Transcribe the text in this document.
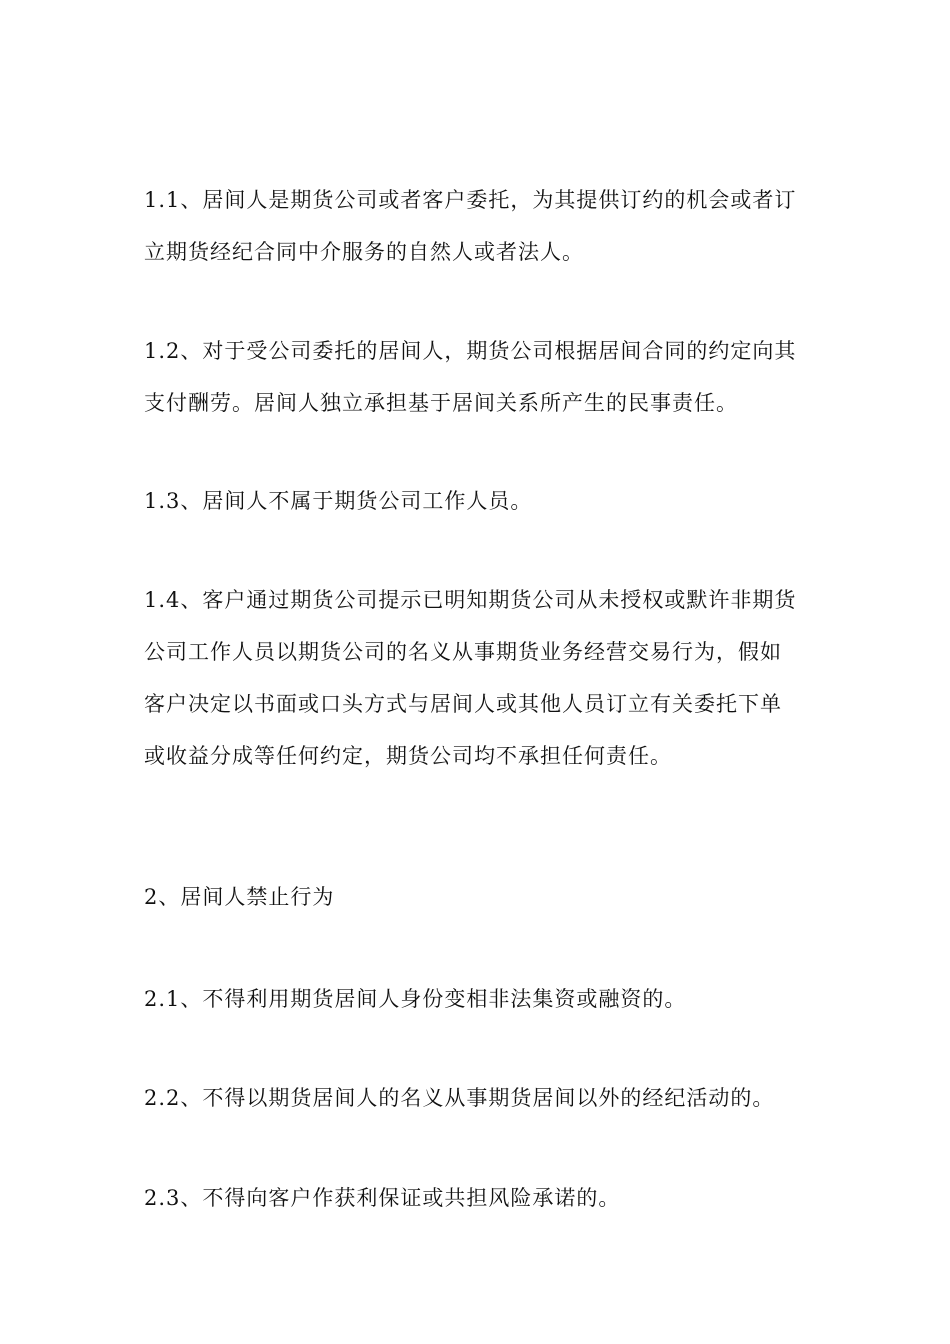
1.1、居间人是期货公司或者客户委托，为其提供订约的机会或者订
立期货经纪合同中介服务的自然人或者法人。
1.2、对于受公司委托的居间人，期货公司根据居间合同的约定向其
支付酬劳。居间人独立承担基于居间关系所产生的民事责任。
1.3、居间人不属于期货公司工作人员。
1.4、客户通过期货公司提示已明知期货公司从未授权或默许非期货
公司工作人员以期货公司的名义从事期货业务经营交易行为，假如
客户决定以书面或口头方式与居间人或其他人员订立有关委托下单
或收益分成等任何约定，期货公司均不承担任何责任。
2、居间人禁止行为
2.1、不得利用期货居间人身份变相非法集资或融资的。
2.2、不得以期货居间人的名义从事期货居间以外的经纪活动的。
2.3、不得向客户作获利保证或共担风险承诺的。
